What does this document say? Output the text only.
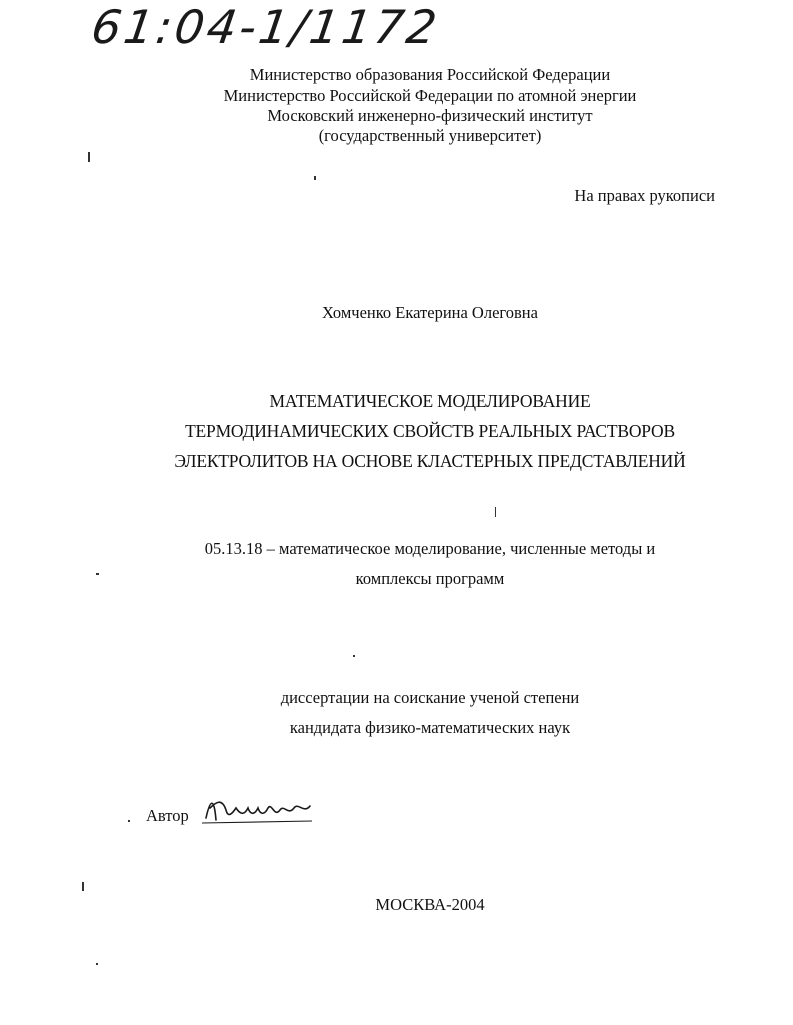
61:04-1/1172
Министерство образования Российской Федерации
Министерство Российской Федерации по атомной энергии
Московский инженерно-физический институт
(государственный университет)
На правах рукописи
Хомченко Екатерина Олеговна
МАТЕМАТИЧЕСКОЕ МОДЕЛИРОВАНИЕ
ТЕРМОДИНАМИЧЕСКИХ СВОЙСТВ РЕАЛЬНЫХ РАСТВОРОВ
ЭЛЕКТРОЛИТОВ НА ОСНОВЕ КЛАСТЕРНЫХ ПРЕДСТАВЛЕНИЙ
05.13.18 – математическое моделирование, численные методы и
комплексы программ
диссертации на соискание ученой степени
кандидата физико-математических наук
Автор
МОСКВА-2004
